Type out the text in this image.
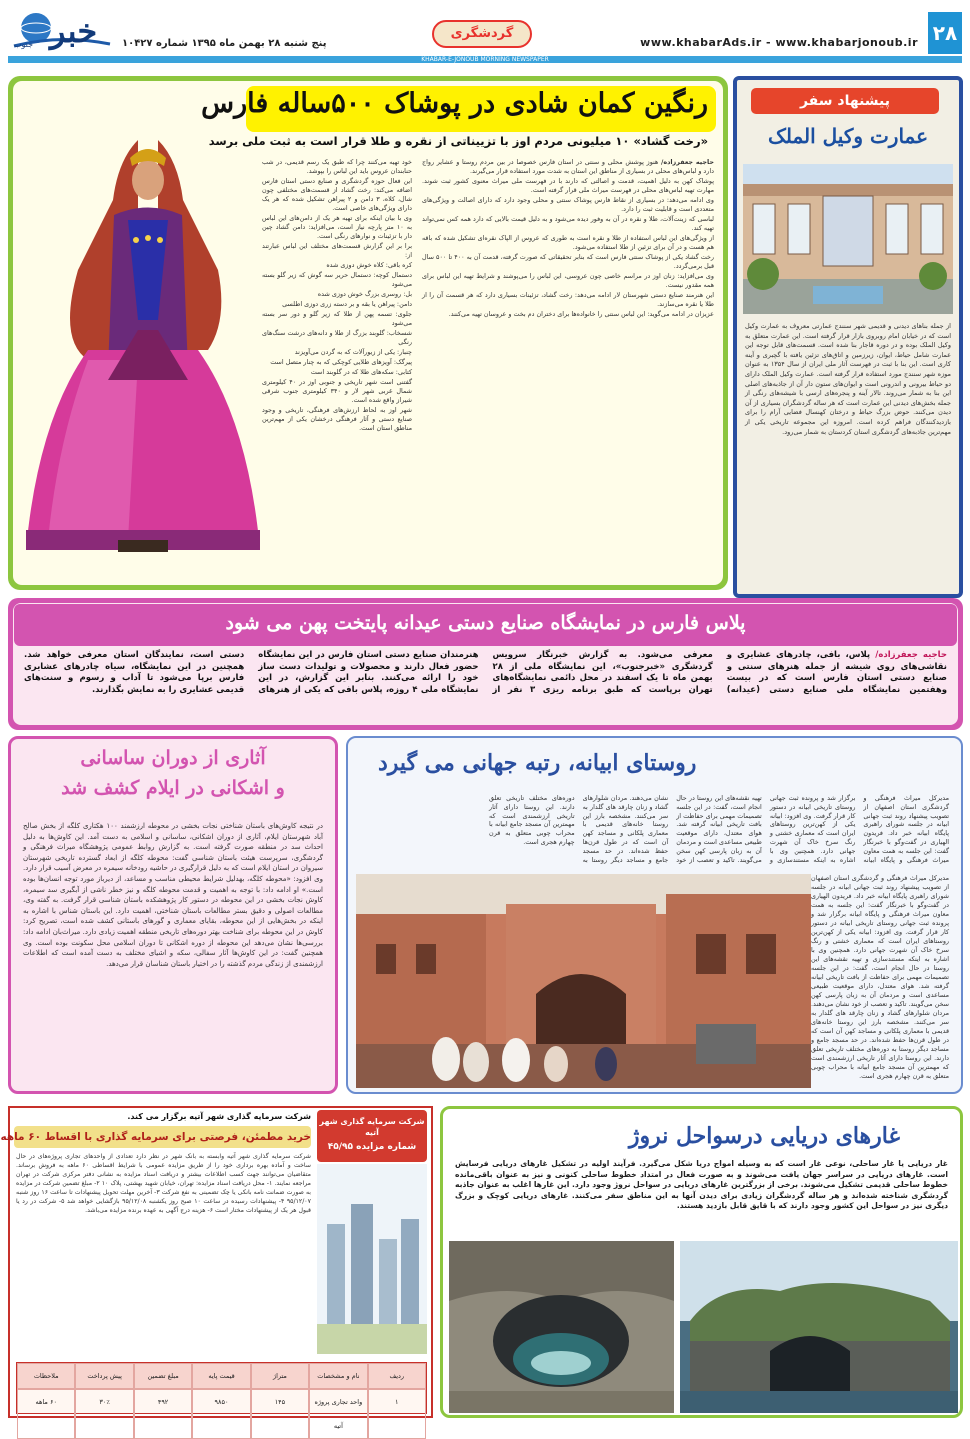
۲۸
www.khabarAds.ir - www.khabarjonoub.ir
گردشگری
پنج شنبه ۲۸ بهمن ماه ۱۳۹۵ شماره ۱۰۴۲۷
خبر
جنوب
KHABAR-E-JONOUB MORNING NEWSPAPER
پیشنهاد سفر
عمارت وکیل الملک
از جمله بناهای دیدنی و قدیمی شهر سنندج عمارتی معروف به عمارت وکیل است که در خیابان امام روبروی بازار قرار گرفته است. این عمارت متعلق به وکیل الملک بوده و در دوره قاجار بنا شده است. قسمت‌های قابل توجه این عمارت شامل حیاط، ایوان، زیرزمین و اتاق‌های تزئین یافته با گچبری و آینه کاری است. این بنا با ثبت در فهرست آثار ملی ایران از سال ۱۳۵۴ به عنوان موزه شهر سنندج مورد استفاده قرار گرفته است. عمارت وکیل الملک دارای دو حیاط بیرونی و اندرونی است و ایوان‌های ستون دار آن از جاذبه‌های اصلی این بنا به شمار می‌روند. تالار آینه و پنجره‌های ارسی با شیشه‌های رنگی از جمله بخش‌های دیدنی این عمارت است که هر ساله گردشگران بسیاری از آن دیدن می‌کنند. حوض بزرگ حیاط و درختان کهنسال فضایی آرام را برای بازدیدکنندگان فراهم کرده است. امروزه این مجموعه تاریخی یکی از مهم‌ترین جاذبه‌های گردشگری استان کردستان به شمار می‌رود.
رنگین کمان شادی در پوشاک ۵۰۰ساله فارس
«رخت گشاد» ۱۰ میلیونی مردم اوز با تزییناتی از نقره و طلا قرار است به ثبت ملی برسد

حاجیه جعفرزاده/ هنوز پوشش محلی و سنتی در استان فارس خصوصا در بین مردم روستا و عشایر رواج دارد و لباس‌های محلی در بسیاری از مناطق این استان به شدت مورد استفاده قرار می‌گیرند.

پوشاک کهن به دلیل اهمیت، قدمت و اصالتی که دارند با در فهرست ملی میراث معنوی کشور ثبت شوند. مهارت تهیه لباس‌های محلی در فهرست میراث ملی قرار گرفته است.

وی ادامه می‌دهد: در بسیاری از نقاط فارس پوشاک سنتی و محلی وجود دارد که دارای اصالت و ویژگی‌های متعددی است و قابلیت ثبت را دارد.

لباسی که زینت‌آلات، طلا و نقره در آن به وفور دیده می‌شود و به دلیل قیمت بالایی که دارد همه کس نمی‌تواند تهیه کند.

از ویژگی‌های این لباس استفاده از طلا و نقره است به طوری که عروس از الپاک نقره‌ای تشکیل شده که باقه هم هست و در آن برای تزئین از طلا استفاده می‌شود.

رخت گشاد یکی از پوشاک سنتی فارس است که بنابر تحقیقاتی که صورت گرفته، قدمت آن به ۴۰۰ تا ۵۰۰ سال قبل برمی‌گردد.

وی می‌افزاید: زنان اوز در مراسم خاصی چون عروسی، این لباس را می‌پوشند و شرایط تهیه این لباس برای همه مقدور نیست.

این هنرمند صنایع دستی شهرستان لار ادامه می‌دهد: رخت گشاد، تزئینات بسیاری دارد که هر قسمت آن را از طلا یا نقره می‌سازند.

عزیزان در ادامه می‌گوید: این لباس سنتی را خانواده‌ها برای دختران دم بخت و عروسان تهیه می‌کنند.

خود تهیه می‌کنند چرا که طبق یک رسم قدیمی، در شب حنابندان عروس باید این لباس را بپوشد.

این فعال حوزه گردشگری و صنایع دستی استان فارس اضافه می‌کند: رخت گشاد از قسمت‌های مختلفی چون شال، کلاه، ۳ دامن و ۲ پیراهن تشکیل شده که هر یک دارای ویژگی‌های خاصی است.

وی با بیان اینکه برای تهیه هر یک از دامن‌های این لباس به ۱۰ متر پارچه نیاز است، می‌افزاید: دامن گشاد چین دار با تزئینات و نوارهای رنگی است.

برا بر این گزارش قسمت‌های مختلف این لباس عبارتند از:

کره باقی: کلاه خوش دوزی شده

دستمال کوچه: دستمال حریر سه گوش که زیر گلو بسته می‌شود

بل: روسری بزرگ خوش دوزی شده

دامن: پیراهن یا بقه و بر دسته زری دوزی اطلسی

جلوی: تسمه پهن از طلا که زیر گلو و دور سر بسته می‌شود

شسخاب: گلوبند بزرگ از طلا و دانه‌های درشت سنگ‌های رنگی

چنبار: یکی از زیورآلات که به گردن می‌آویزند

پیرگک: آویزهای طلایی کوچکی که به چنار متصل است

کتابی: سکه‌های طلا که در گلوبند است

گفتنی است شهر تاریخی و جنوبی اوز در ۴۰ کیلومتری شمال غربی شهر لار و ۳۴۰ کیلومتری جنوب شرقی شیراز واقع شده است.

شهر اوز به لحاظ ارزش‌های فرهنگی، تاریخی و وجود صنایع دستی و آثار فرهنگی درخشان یکی از مهم‌ترین مناطق استان است.

پلاس فارس در نمایشگاه صنایع دستی عیدانه پایتخت پهن می شود
حاجیه جعفرزاده/ پلاس، بافی، چادرهای عشایری و نقاشی‌های روی شیشه از جمله هنرهای سنتی و صنایع دستی استان فارس است که در بیست وهفتمین نمایشگاه ملی صنایع دستی (عیدانه) معرفی می‌شود. به گزارش خبرنگار سرویس گردشگری «خبرجنوب»، این نمایشگاه ملی از ۲۸ بهمن ماه تا یک اسفند در محل دائمی نمایشگاه‌های تهران برپاست که طبق برنامه ریزی ۳ نفر از هنرمندان صنایع دستی استان فارس در این نمایشگاه حضور فعال دارند و محصولات و تولیدات دست ساز خود را ارائه می‌کنند. بنابر این گزارش، در این نمایشگاه ملی ۴ روزه، پلاس بافی که یکی از هنرهای دستی است، نمایندگان استان معرفی خواهد شد. همچنین در این نمایشگاه، سیاه چادرهای عشایری فارس برپا می‌شود تا آداب و رسوم و سنت‌های قدیمی عشایری را به نمایش بگذارند.
آثاری از دوران ساسانی
و اشکانی در ایلام کشف شد
در نتیجه کاوش‌های باستان شناختی نجات بخشی در محوطه ارزشمند ۱۰۰ هکتاری کلگه از بخش صالح آباد شهرستان ایلام، آثاری از دوران اشکانی، ساسانی و اسلامی به دست آمد. این کاوش‌ها به دلیل احداث سد در منطقه صورت گرفته است. به گزارش روابط عمومی پژوهشگاه میراث فرهنگی و گردشگری، سرپرست هیئت باستان شناسی گفت: محوطه کلگه از ابعاد گسترده تاریخی شهرستان سیروان در استان ایلام است که به دلیل قرارگیری در حاشیه رودخانه سیمره در معرض آسیب قرار دارد. وی افزود: «محوطه کلگه، بهدلیل شرایط محیطی مناسب و مساعد، از دیرباز مورد توجه انسان‌ها بوده است.» او ادامه داد: با توجه به اهمیت و قدمت محوطه کلگه و نیز خطر ناشی از آبگیری سد سیمره، کاوش نجات بخشی در این محوطه در دستور کار پژوهشکده باستان شناسی قرار گرفت. به گفته وی، مطالعات اصولی و دقیق بستر مطالعات باستان شناختی، اهمیت دارد. این باستان شناس با اشاره به اینکه در بخش‌هایی از این محوطه، بقایای معماری و گورهای باستانی کشف شده است، تصریح کرد: کاوش در این محوطه برای شناخت بهتر دوره‌های تاریخی منطقه اهمیت زیادی دارد. میراث‌بان ادامه داد: بررسی‌ها نشان می‌دهد این محوطه از دوره اشکانی تا دوران اسلامی محل سکونت بوده است. وی همچنین گفت: در این کاوش‌ها آثار سفالی، سکه و اشیای مختلف به دست آمده است که اطلاعات ارزشمندی از زندگی مردم گذشته را در اختیار باستان شناسان قرار می‌دهد.
روستای ابیانه، رتبه جهانی می گیرد
مدیرکل میراث فرهنگی و گردشگری استان اصفهان از تصویب پیشنهاد روند ثبت جهانی ابیانه در جلسه شورای راهبری پایگاه ابیانه خبر داد. فریدون الهیاری در گفت‌وگو با خبرنگار گفت: این جلسه به همت معاون میراث فرهنگی و پایگاه ابیانه برگزار شد و پرونده ثبت جهانی روستای تاریخی ابیانه در دستور کار قرار گرفت. وی افزود: ابیانه یکی از کهن‌ترین روستاهای ایران است که معماری خشتی و رنگ سرخ خاک آن شهرت جهانی دارد. همچنین وی با اشاره به اینکه مستندسازی و تهیه نقشه‌های این روستا در حال انجام است، گفت: در این جلسه تصمیمات مهمی برای حفاظت از بافت تاریخی ابیانه گرفته شد. هوای معتدل، دارای موقعیت طبیعی مساعدی است و مردمان آن به زبان پارسی کهن سخن می‌گویند. تاکید و تعصب از خود نشان می‌دهند. مردان شلوارهای گشاد و زنان چارقد های گلدار به سر می‌کنند. مشخصه بارز این روستا خانه‌های قدیمی با معماری پلکانی و مساجد کهن آن است که در طول قرن‌ها حفظ شده‌اند. در حد مسجد جامع و مساجد دیگر روستا به دوره‌های مختلف تاریخی تعلق دارند. این روستا دارای آثار تاریخی ارزشمندی است که مهمترین آن مسجد جامع ابیانه با محراب چوبی متعلق به قرن چهارم هجری است.
مدیرکل میراث فرهنگی و گردشگری استان اصفهان از تصویب پیشنهاد روند ثبت جهانی ابیانه در جلسه شورای راهبری پایگاه ابیانه خبر داد. فریدون الهیاری در گفت‌وگو با خبرنگار گفت: این جلسه به همت معاون میراث فرهنگی و پایگاه ابیانه برگزار شد و پرونده ثبت جهانی روستای تاریخی ابیانه در دستور کار قرار گرفت. وی افزود: ابیانه یکی از کهن‌ترین روستاهای ایران است که معماری خشتی و رنگ سرخ خاک آن شهرت جهانی دارد. همچنین وی با اشاره به اینکه مستندسازی و تهیه نقشه‌های این روستا در حال انجام است، گفت: در این جلسه تصمیمات مهمی برای حفاظت از بافت تاریخی ابیانه گرفته شد. هوای معتدل، دارای موقعیت طبیعی مساعدی است و مردمان آن به زبان پارسی کهن سخن می‌گویند. تاکید و تعصب از خود نشان می‌دهند. مردان شلوارهای گشاد و زنان چارقد های گلدار به سر می‌کنند. مشخصه بارز این روستا خانه‌های قدیمی با معماری پلکانی و مساجد کهن آن است که در طول قرن‌ها حفظ شده‌اند. در حد مسجد جامع و مساجد دیگر روستا به دوره‌های مختلف تاریخی تعلق دارند. این روستا دارای آثار تاریخی ارزشمندی است که مهمترین آن مسجد جامع ابیانه با محراب چوبی متعلق به قرن چهارم هجری است.
شرکت سرمایه گذاری شهر آتیه برگزار می کند.
شرکت سرمایه گذاری شهر آتیه
شماره مزایده ۴۵/۹۵
خرید مطمئن، فرصتی برای سرمایه گذاری با اقساط ۶۰ ماهه
شرکت سرمایه گذاری شهر آتیه وابسته به بانک شهر در نظر دارد تعدادی از واحدهای تجاری پروژه‌های در حال ساخت و آماده بهره برداری خود را از طریق مزایده عمومی با شرایط اقساطی ۶۰ ماهه به فروش برساند. متقاضیان می‌توانند جهت کسب اطلاعات بیشتر و دریافت اسناد مزایده به نشانی دفتر مرکزی شرکت در تهران مراجعه نمایند. ۱- محل دریافت اسناد مزایده: تهران، خیابان شهید بهشتی، پلاک ۱۰ ۲- مبلغ تضمین شرکت در مزایده به صورت ضمانت نامه بانکی یا چک تضمینی به نفع شرکت ۳- آخرین مهلت تحویل پیشنهادات تا ساعت ۱۶ روز شنبه ۹۵/۱۲/۰۷ ۴- پیشنهادات رسیده در ساعت ۱۰ صبح روز یکشنبه ۹۵/۱۲/۰۸ بازگشایی خواهد شد ۵- شرکت در رد یا قبول هر یک از پیشنهادات مختار است ۶- هزینه درج آگهی به عهده برنده مزایده می‌باشد.
ردیف
نام و مشخصات
متراژ
قیمت پایه
مبلغ تضمین
پیش پرداخت
ملاحظات
۱
واحد تجاری پروژه آتیه
۱۴۵
۹۸۵۰
۴۹۲
۳۰٪
۶۰ ماهه
غارهای دریایی درسواحل نروژ
غار دریایی یا غار ساحلی، نوعی غار است که به وسیله امواج دریا شکل می‌گیرد. فرآیند اولیه در تشکیل غارهای دریایی فرسایش است. غارهای دریایی در سراسر جهان یافت می‌شوند و به صورت فعال در امتداد خطوط ساحلی کنونی و نیز به عنوان باقی‌مانده خطوط ساحلی قدیمی تشکیل می‌شوند. برخی از بزرگترین غارهای دریایی در سواحل نروژ وجود دارد. این غارها اغلب به عنوان جاذبه گردشگری شناخته شده‌اند و هر ساله گردشگران زیادی برای دیدن آنها به این مناطق سفر می‌کنند. غارهای دریایی کوچک و بزرگ دیگری نیز در سواحل این کشور وجود دارند که با قایق قابل بازدید هستند.
